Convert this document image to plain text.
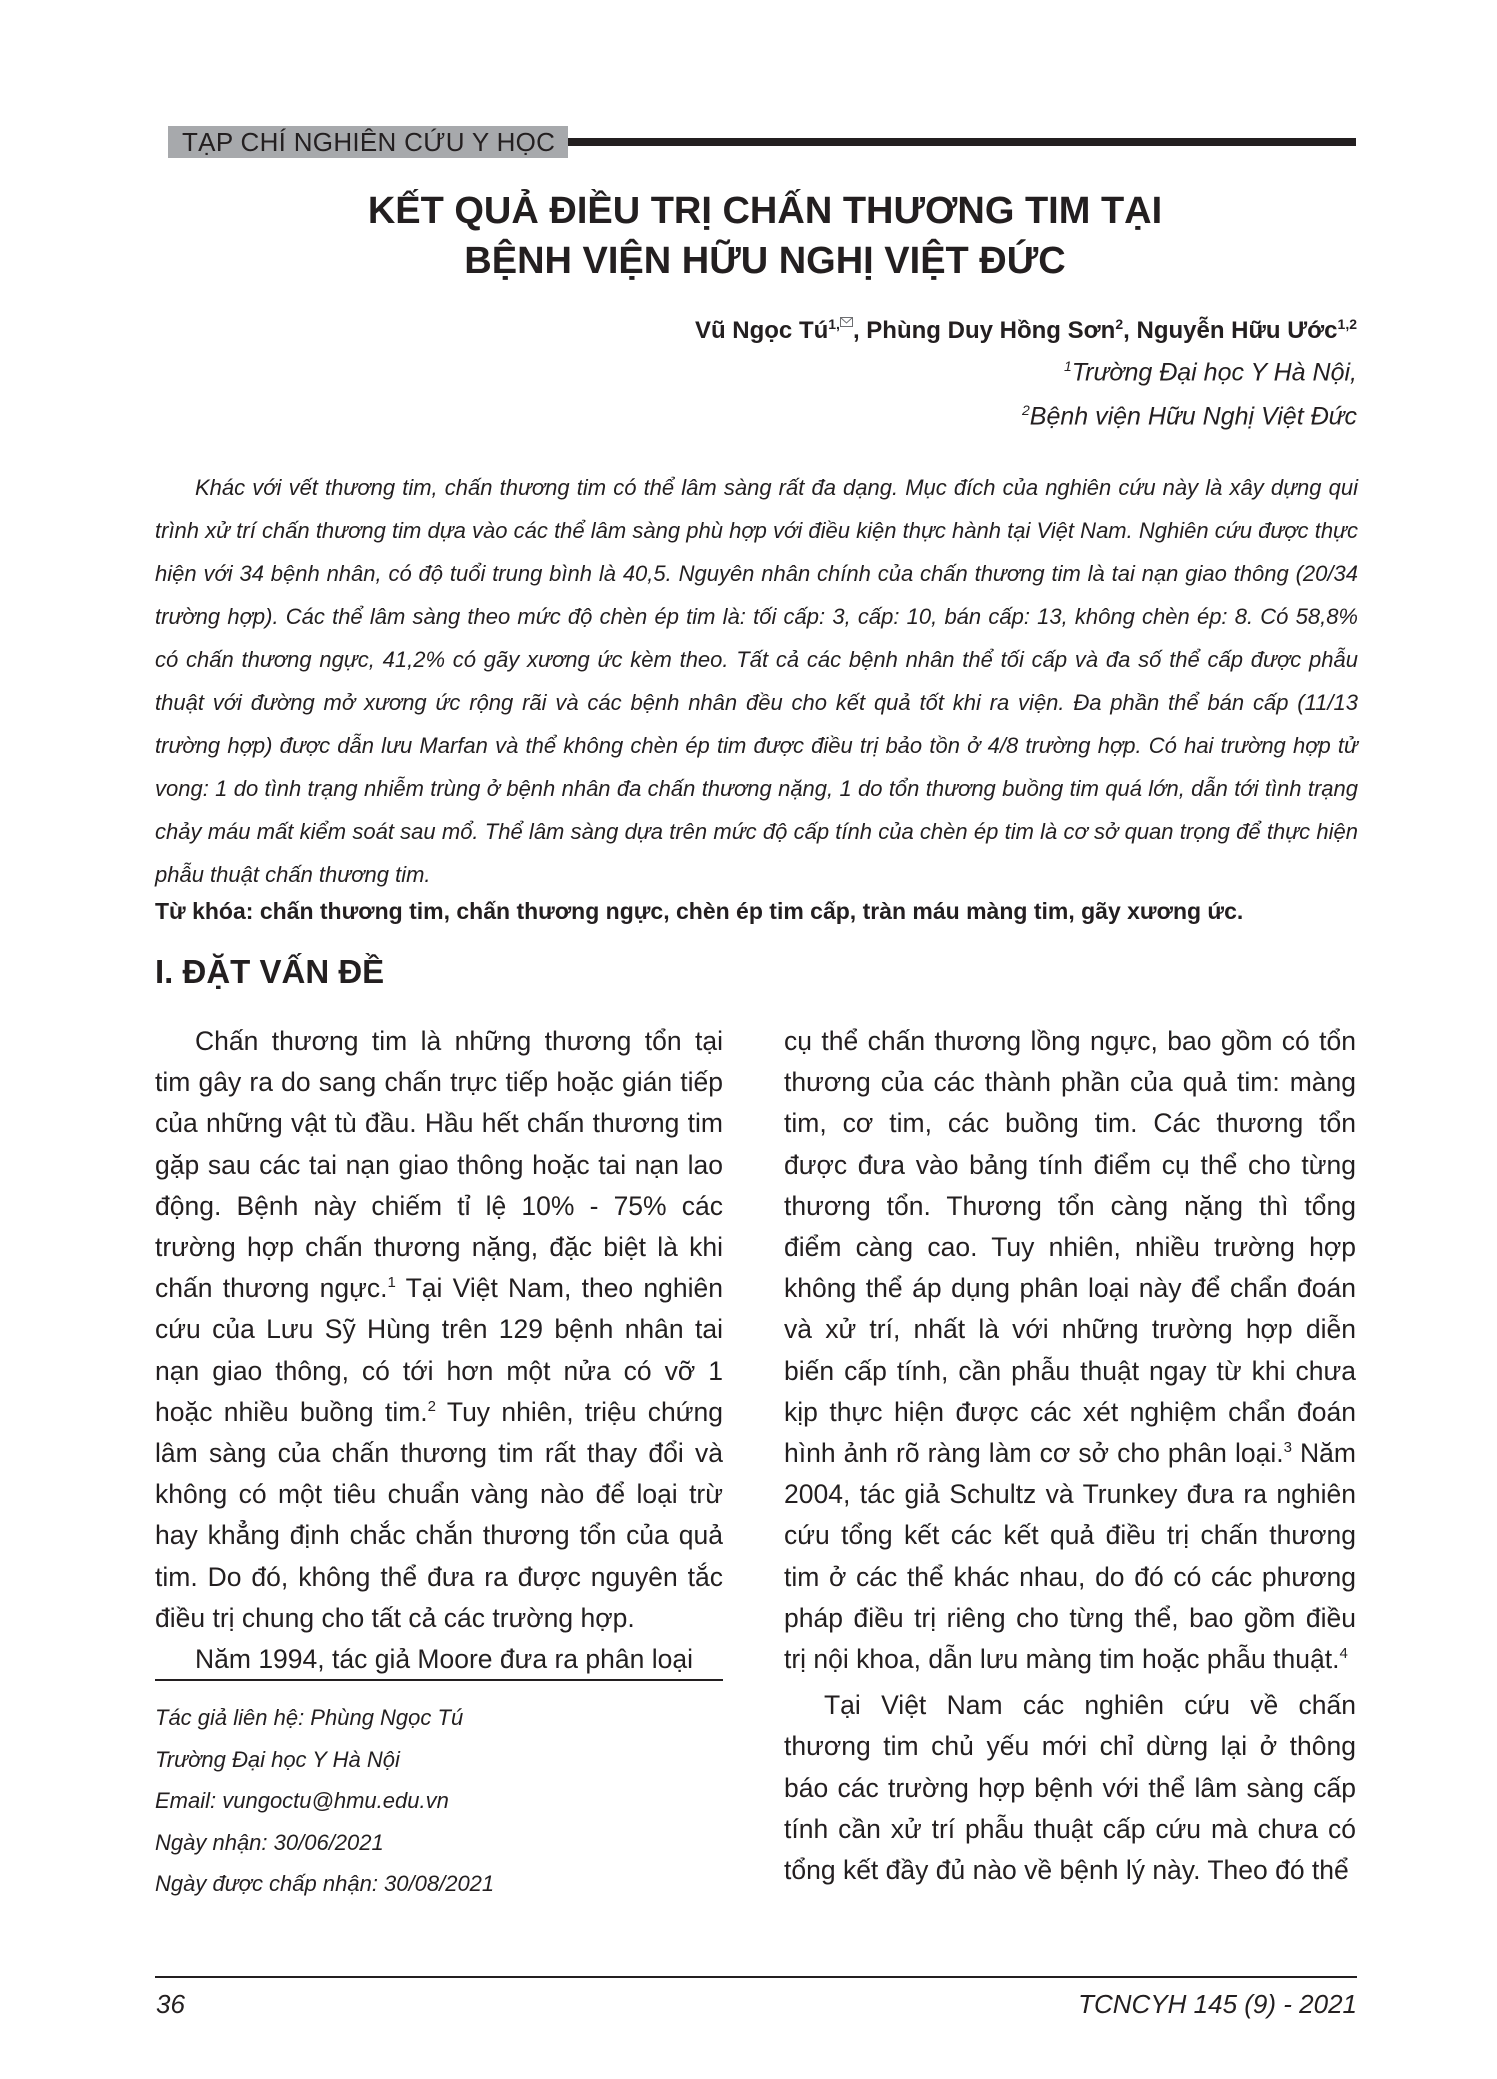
TẠP CHÍ NGHIÊN CỨU Y HỌC
KẾT QUẢ ĐIỀU TRỊ CHẤN THƯƠNG TIM TẠI
BỆNH VIỆN HỮU NGHỊ VIỆT ĐỨC
Vũ Ngọc $Tú^{1,}$ , Phùng Duy Hồng Sơn$^2$, Nguyễn Hữu Ước$^{1,2}$
$^1$Trường Đại học Y Hà Nội,
$^2$Bệnh viện Hữu Nghị Việt Đức
Khác với vết thương tim, chấn thương tim có thể lâm sàng rất đa dạng. Mục đích của nghiên cứu này là xây dựng qui trình xử trí chấn thương tim dựa vào các thể lâm sàng phù hợp với điều kiện thực hành tại Việt Nam. Nghiên cứu được thực hiện với 34 bệnh nhân, có độ tuổi trung bình là 40,5. Nguyên nhân chính của chấn thương tim là tai nạn giao thông (20/34 trường hợp). Các thể lâm sàng theo mức độ chèn ép tim là: tối cấp: 3, cấp: 10, bán cấp: 13, không chèn ép: 8. Có 58,8% có chấn thương ngực, 41,2% có gãy xương ức kèm theo. Tất cả các bệnh nhân thể tối cấp và đa số thể cấp được phẫu thuật với đường mở xương ức rộng rãi và các bệnh nhân đều cho kết quả tốt khi ra viện. Đa phần thể bán cấp (11/13 trường hợp) được dẫn lưu Marfan và thể không chèn ép tim được điều trị bảo tồn ở 4/8 trường hợp. Có hai trường hợp tử vong: 1 do tình trạng nhiễm trùng ở bệnh nhân đa chấn thương nặng, 1 do tổn thương buồng tim quá lớn, dẫn tới tình trạng chảy máu mất kiểm soát sau mổ. Thể lâm sàng dựa trên mức độ cấp tính của chèn ép tim là cơ sở quan trọng để thực hiện phẫu thuật chấn thương tim.
Từ khóa: chấn thương tim, chấn thương ngực, chèn ép tim cấp, tràn máu màng tim, gãy xương ức.
I. ĐẶT VẤN ĐỀ

Chấn thương tim là những thương tổn tại tim gây ra do sang chấn trực tiếp hoặc gián tiếp của những vật tù đầu. Hầu hết chấn thương tim gặp sau các tai nạn giao thông hoặc tai nạn lao động. Bệnh này chiếm tỉ lệ 10% - 75% các trường hợp chấn thương nặng, đặc biệt là khi chấn thương ngực.$^1$ Tại Việt Nam, theo nghiên cứu của Lưu Sỹ Hùng trên 129 bệnh nhân tai nạn giao thông, có tới hơn một nửa có vỡ 1 hoặc nhiều buồng tim.$^2$ Tuy nhiên, triệu chứng lâm sàng của chấn thương tim rất thay đổi và không có một tiêu chuẩn vàng nào để loại trừ hay khẳng định chắc chắn thương tổn của quả tim. Do đó, không thể đưa ra được nguyên tắc điều trị chung cho tất cả các trường hợp.

Năm 1994, tác giả Moore đưa ra phân loại

cụ thể chấn thương lồng ngực, bao gồm có tổn thương của các thành phần của quả tim: màng tim, cơ tim, các buồng tim. Các thương tổn được đưa vào bảng tính điểm cụ thể cho từng thương tổn. Thương tổn càng nặng thì tổng điểm càng cao. Tuy nhiên, nhiều trường hợp không thể áp dụng phân loại này để chẩn đoán và xử trí, nhất là với những trường hợp diễn biến cấp tính, cần phẫu thuật ngay từ khi chưa kịp thực hiện được các xét nghiệm chẩn đoán hình ảnh rõ ràng làm cơ sở cho phân loại.$^3$ Năm 2004, tác giả Schultz và Trunkey đưa ra nghiên cứu tổng kết các kết quả điều trị chấn thương tim ở các thể khác nhau, do đó có các phương pháp điều trị riêng cho từng thể, bao gồm điều trị nội khoa, dẫn lưu màng tim hoặc phẫu thuật.$^4$

Tại Việt Nam các nghiên cứu về chấn thương tim chủ yếu mới chỉ dừng lại ở thông báo các trường hợp bệnh với thể lâm sàng cấp tính cần xử trí phẫu thuật cấp cứu mà chưa có tổng kết đầy đủ nào về bệnh lý này. Theo đó thể

Tác giả liên hệ: Phùng Ngọc Tú
Trường Đại học Y Hà Nội
Email: vungoctu@hmu.edu.vn
Ngày nhận: 30/06/2021
Ngày được chấp nhận: 30/08/2021
36	TCNCYH 145 (9) - 2021
